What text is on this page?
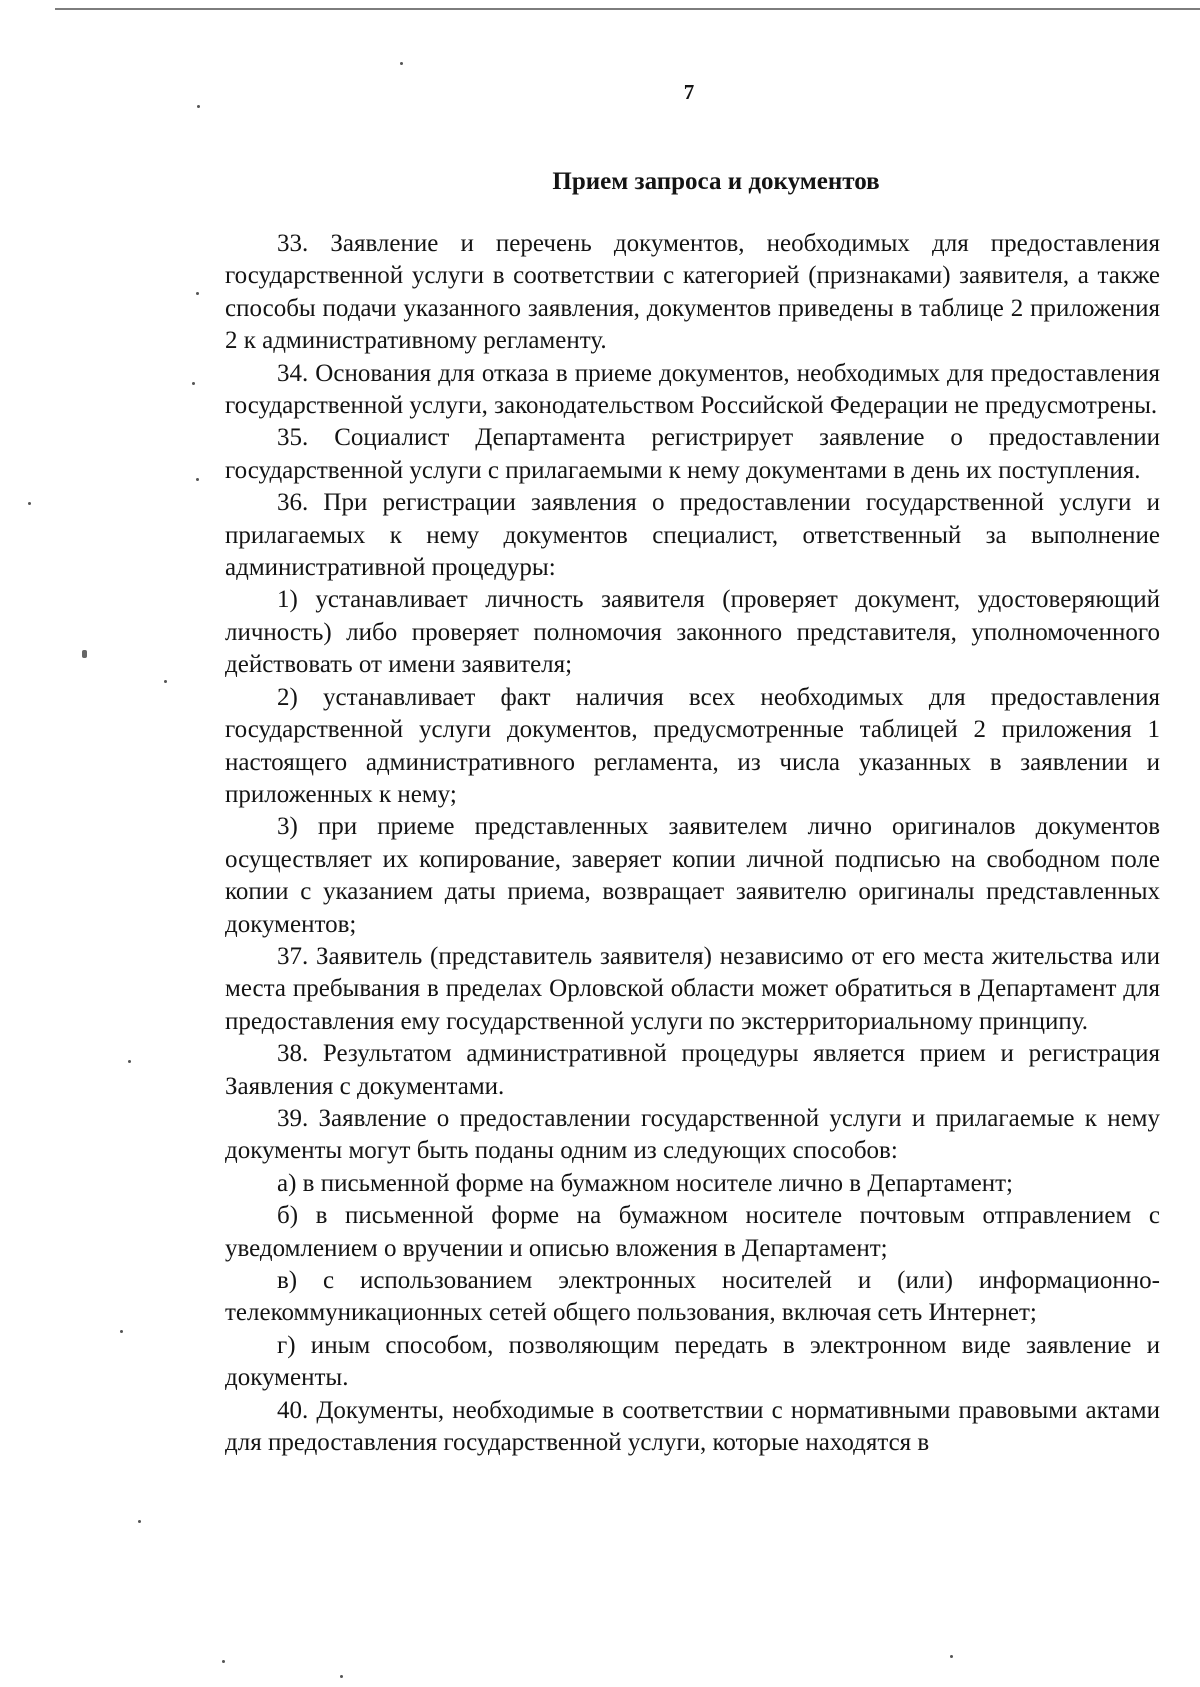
7
Прием запроса и документов

33. Заявление и перечень документов, необходимых для предоставления государственной услуги в соответствии с категорией (признаками) заявителя, а также способы подачи указанного заявления, документов приведены в таблице 2 приложения 2 к административному регламенту.

34. Основания для отказа в приеме документов, необходимых для предоставления государственной услуги, законодательством Российской Федерации не предусмотрены.

35. Социалист Департамента регистрирует заявление о предоставлении государственной услуги с прилагаемыми к нему документами в день их поступления.

36. При регистрации заявления о предоставлении государственной услуги и прилагаемых к нему документов специалист, ответственный за выполнение административной процедуры:

1) устанавливает личность заявителя (проверяет документ, удостоверяющий личность) либо проверяет полномочия законного представителя, уполномоченного действовать от имени заявителя;

2) устанавливает факт наличия всех необходимых для предоставления государственной услуги документов, предусмотренные таблицей 2 приложения 1 настоящего административного регламента, из числа указанных в заявлении и приложенных к нему;

3) при приеме представленных заявителем лично оригиналов документов осуществляет их копирование, заверяет копии личной подписью на свободном поле копии с указанием даты приема, возвращает заявителю оригиналы представленных документов;

37. Заявитель (представитель заявителя) независимо от его места жительства или места пребывания в пределах Орловской области может обратиться в Департамент для предоставления ему государственной услуги по экстерриториальному принципу.

38. Результатом административной процедуры является прием и регистрация Заявления с документами.

39. Заявление о предоставлении государственной услуги и прилагаемые к нему документы могут быть поданы одним из следующих способов:

а) в письменной форме на бумажном носителе лично в Департамент;

б) в письменной форме на бумажном носителе почтовым отправлением с уведомлением о вручении и описью вложения в Департамент;

в) с использованием электронных носителей и (или) информационно-телекоммуникационных сетей общего пользования, включая сеть Интернет;

г) иным способом, позволяющим передать в электронном виде заявление и документы.

40. Документы, необходимые в соответствии с нормативными правовыми актами для предоставления государственной услуги, которые находятся в
